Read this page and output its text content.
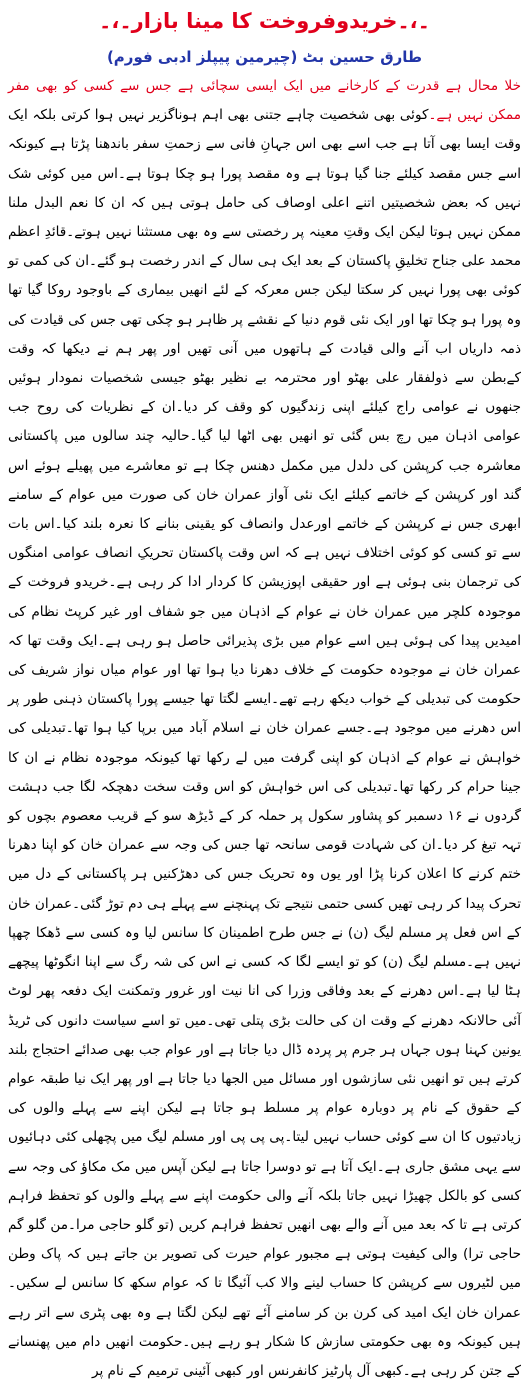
۔،۔خریدوفروخت کا مینا بازار۔،۔
طارق حسین بٹ (چیرمین پیپلز ادبی فورم)

خلا محال ہے قدرت کے کارخانے میں ایک ایسی سچائی ہے جس سے کسی کو بھی مفر ممکن نہیں ہے۔کوئی بھی شخصیت چاہے جتنی بھی اہم ہوناگزیر نہیں ہوا کرتی بلکہ ایک وقت ایسا بھی آتا ہے جب اسے بھی اس جہانِ فانی سے زحمتِ سفر باندھنا پڑتا ہے کیونکہ اسے جس مقصد کیلئے جنا گیا ہوتا ہے وہ مقصد پورا ہو چکا ہوتا ہے۔اس میں کوئی شک نہیں کہ بعض شخصیتیں اتنے اعلی اوصاف کی حامل ہوتی ہیں کہ ان کا نعم البدل ملنا ممکن نہیں ہوتا لیکن ایک وقتِ معینہ پر رخصتی سے وہ بھی مستثنا نہیں ہوتے۔قائدِ اعظم محمد علی جناح تخلیقِ پاکستان کے بعد ایک ہی سال کے اندر رخصت ہو گئے۔ان کی کمی تو کوئی بھی پورا نہیں کر سکتا لیکن جس معرکہ کے لئے انھیں بیماری کے باوجود روکا گیا تھا وہ پورا ہو چکا تھا اور ایک نئی قوم دنیا کے نقشے پر ظاہر ہو چکی تھی جس کی قیادت کی ذمہ داریاں اب آنے والی قیادت کے ہاتھوں میں آنی تھیں اور پھر ہم نے دیکھا کہ وقت کےبطن سے ذولفقار علی بھٹو اور محترمہ بے نظیر بھٹو جیسی شخصیات نمودار ہوئیں جنھوں نے عوامی راج کیلئے اپنی زندگیوں کو وقف کر دیا۔ان کے نظریات کی روح جب عوامی اذہان میں رچ بس گئی تو انھیں بھی اٹھا لیا گیا۔حالیہ چند سالوں میں پاکستانی معاشرہ جب کرپشن کی دلدل میں مکمل دھنس چکا ہے تو معاشرے میں پھیلے ہوئے اس گند اور کرپشن کے خاتمے کیلئے ایک نئی آواز عمران خان کی صورت میں عوام کے سامنے ابھری جس نے کرپشن کے خاتمے اورعدل وانصاف کو یقینی بنانے کا نعرہ بلند کیا۔اس بات سے تو کسی کو کوئی اختلاف نہیں ہے کہ اس وقت پاکستان تحریکِ انصاف عوامی امنگوں کی ترجمان بنی ہوئی ہے اور حقیقی اپوزیشن کا کردار ادا کر رہی ہے۔خریدو فروخت کے موجودہ کلچر میں عمران خان نے عوام کے اذہان میں جو شفاف اور غیر کرپٹ نظام کی امیدیں پیدا کی ہوئی ہیں اسے عوام میں بڑی پذیرائی حاصل ہو رہی ہے۔ایک وقت تھا کہ عمران خان نے موجودہ حکومت کے خلاف دھرنا دیا ہوا تھا اور عوام میاں نواز شریف کی حکومت کی تبدیلی کے خواب دیکھ رہے تھے۔ایسے لگتا تھا جیسے پورا پاکستان ذہنی طور پر اس دھرنے میں موجود ہے۔جسے عمران خان نے اسلام آباد میں برپا کیا ہوا تھا۔تبدیلی کی خواہش نے عوام کے اذہان کو اپنی گرفت میں لے رکھا تھا کیونکہ موجودہ نظام نے ان کا جینا حرام کر رکھا تھا۔تبدیلی کی اس خواہش کو اس وقت سخت دھچکہ لگا جب دہشت گردوں نے ۱۶ دسمبر کو پشاور سکول پر حملہ کر کے ڈیڑھ سو کے قریب معصوم بچوں کو تہہ تیغ کر دیا۔ان کی شہادت قومی سانحہ تھا جس کی وجہ سے عمران خان کو اپنا دھرنا ختم کرنے کا اعلان کرنا پڑا اور یوں وہ تحریک جس کی دھڑکنیں ہر پاکستانی کے دل میں تحرک پیدا کر رہی تھیں کسی حتمی نتیجے تک پہنچنے سے پہلے ہی دم توڑ گئی۔عمران خان کے اس فعل پر مسلم لیگ (ن) نے جس طرح اطمینان کا سانس لیا وہ کسی سے ڈھکا چھپا نہیں ہے۔مسلم لیگ (ن) کو تو ایسے لگا کہ کسی نے اس کی شہ رگ سے اپنا انگوٹھا پیچھے ہٹا لیا ہے۔اس دھرنے کے بعد وفاقی وزرا کی انا نیت اور غرور وتمکنت ایک دفعہ پھر لوٹ آئی حالانکہ دھرنے کے وقت ان کی حالت بڑی پتلی تھی۔میں تو اسے سیاست دانوں کی ٹریڈ یونین کہنا ہوں جہاں ہر جرم پر پردہ ڈال دیا جاتا ہے اور عوام جب بھی صدائے احتجاج بلند کرتے ہیں تو انھیں نئی سازشوں اور مسائل میں الجھا دیا جاتا ہے اور پھر ایک نیا طبقہ عوام کے حقوق کے نام پر دوبارہ عوام پر مسلط ہو جاتا ہے لیکن اپنے سے پہلے والوں کی زیادتیوں کا ان سے کوئی حساب نہیں لیتا۔پی پی پی اور مسلم لیگ میں پچھلی کئی دہائیوں سے یہی مشق جاری ہے۔ایک آتا ہے تو دوسرا جاتا ہے لیکن آپس میں مک مکاؤ کی وجہ سے کسی کو بالکل چھیڑا نہیں جاتا بلکہ آنے والی حکومت اپنے سے پہلے والوں کو تحفظ فراہم کرتی ہے تا کہ بعد میں آنے والے بھی انھیں تحفظ فراہم کریں (تو گلو حاجی مرا۔من گلو گم حاجی ترا) والی کیفیت ہوتی ہے مجبور عوام حیرت کی تصویر بن جاتے ہیں کہ پاک وطن میں لٹیروں سے کرپشن کا حساب لینے والا کب آئیگا تا کہ عوام سکھ کا سانس لے سکیں۔عمران خان ایک امید کی کرن بن کر سامنے آئے تھے لیکن لگتا ہے وہ بھی پٹری سے اتر رہے ہیں کیونکہ وہ بھی حکومتی سازش کا شکار ہو رہے ہیں۔حکومت انھیں دام میں پھنسانے کے جتن کر رہی ہے۔کبھی آل پارٹیز کانفرنس اور کبھی آئینی ترمیم کے نام پر
